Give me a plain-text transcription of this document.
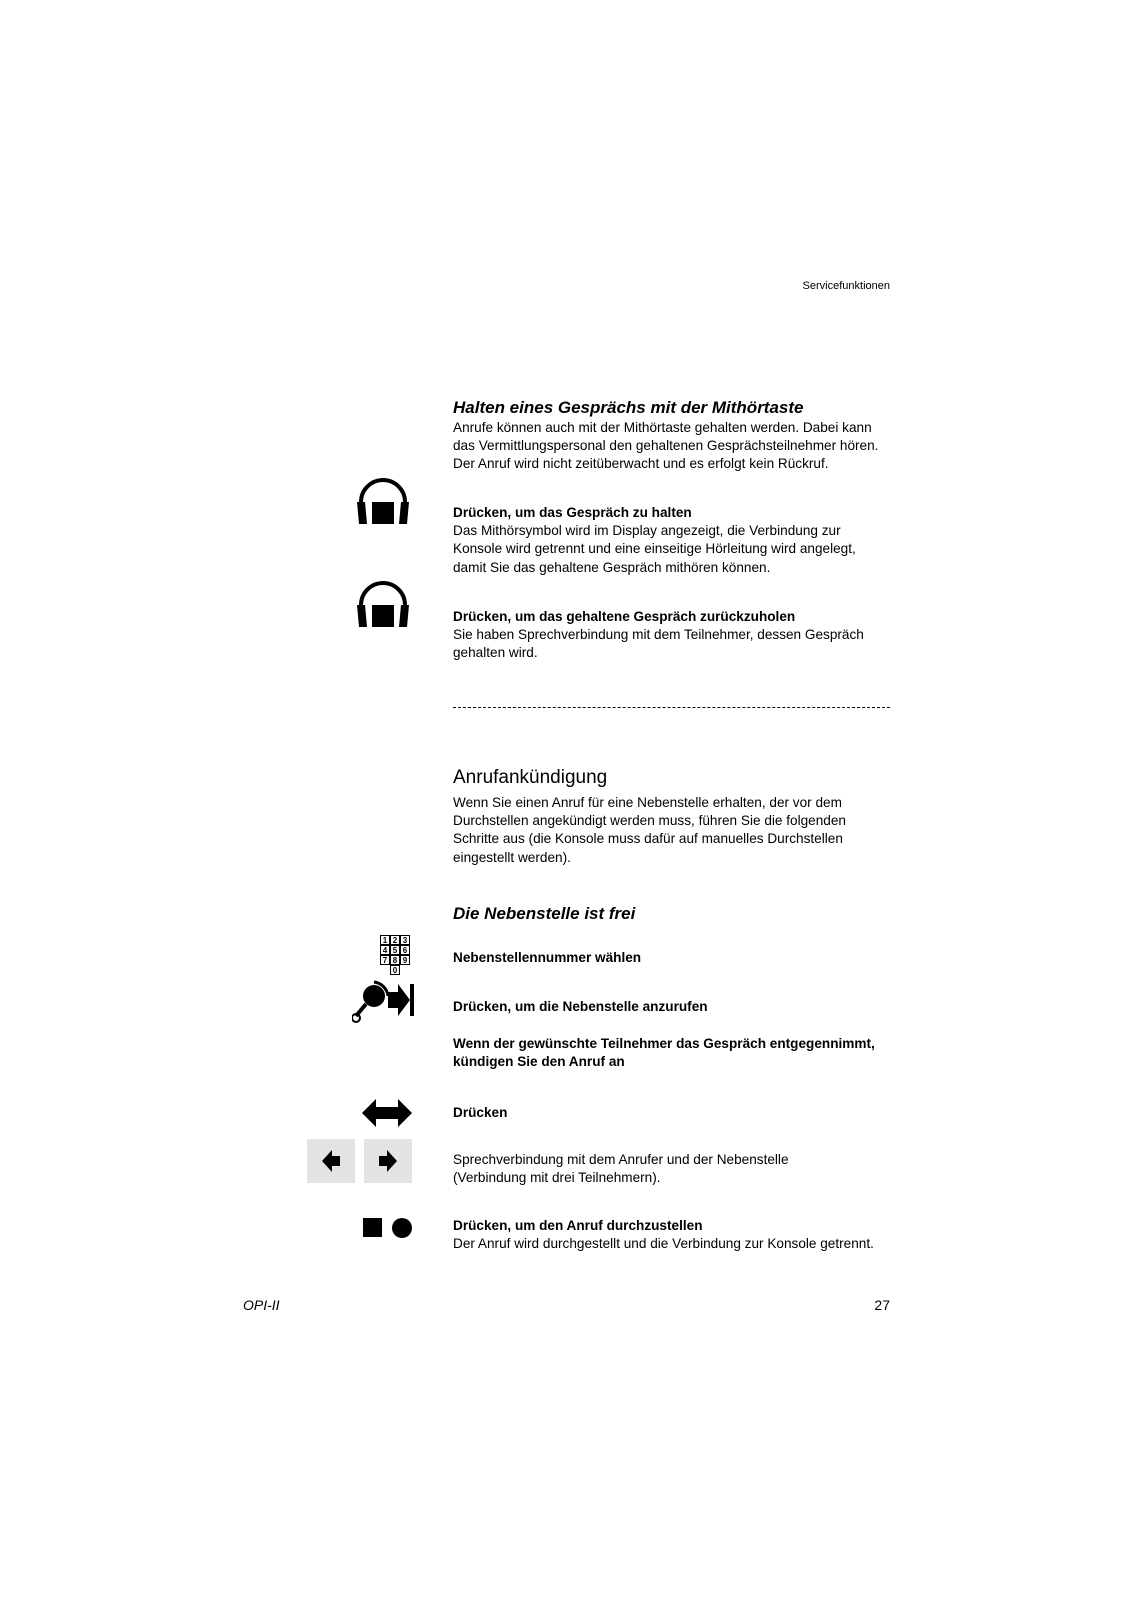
Servicefunktionen
Halten eines Gesprächs mit der Mithörtaste

Anrufe können auch mit der Mithörtaste gehalten werden. Dabei kann

das Vermittlungspersonal den gehaltenen Gesprächsteilnehmer hören.

Der Anruf wird nicht zeitüberwacht und es erfolgt kein Rückruf.

Drücken, um das Gespräch zu halten

Das Mithörsymbol wird im Display angezeigt, die Verbindung zur

Konsole wird getrennt und eine einseitige Hörleitung wird angelegt,

damit Sie das gehaltene Gespräch mithören können.

Drücken, um das gehaltene Gespräch zurückzuholen

Sie haben Sprechverbindung mit dem Teilnehmer, dessen Gespräch

gehalten wird.

Anrufankündigung

Wenn Sie einen Anruf für eine Nebenstelle erhalten, der vor dem

Durchstellen angekündigt werden muss, führen Sie die folgenden

Schritte aus (die Konsole muss dafür auf manuelles Durchstellen

eingestellt werden).

Die Nebenstelle ist frei
1 2 3
4 5 6
7 8 9
0

Nebenstellennummer wählen

Drücken, um die Nebenstelle anzurufen

Wenn der gewünschte Teilnehmer das Gespräch entgegennimmt,

kündigen Sie den Anruf an

Drücken

Sprechverbindung mit dem Anrufer und der Nebenstelle

(Verbindung mit drei Teilnehmern).

Drücken, um den Anruf durchzustellen

Der Anruf wird durchgestellt und die Verbindung zur Konsole getrennt.

OPI-II	27
